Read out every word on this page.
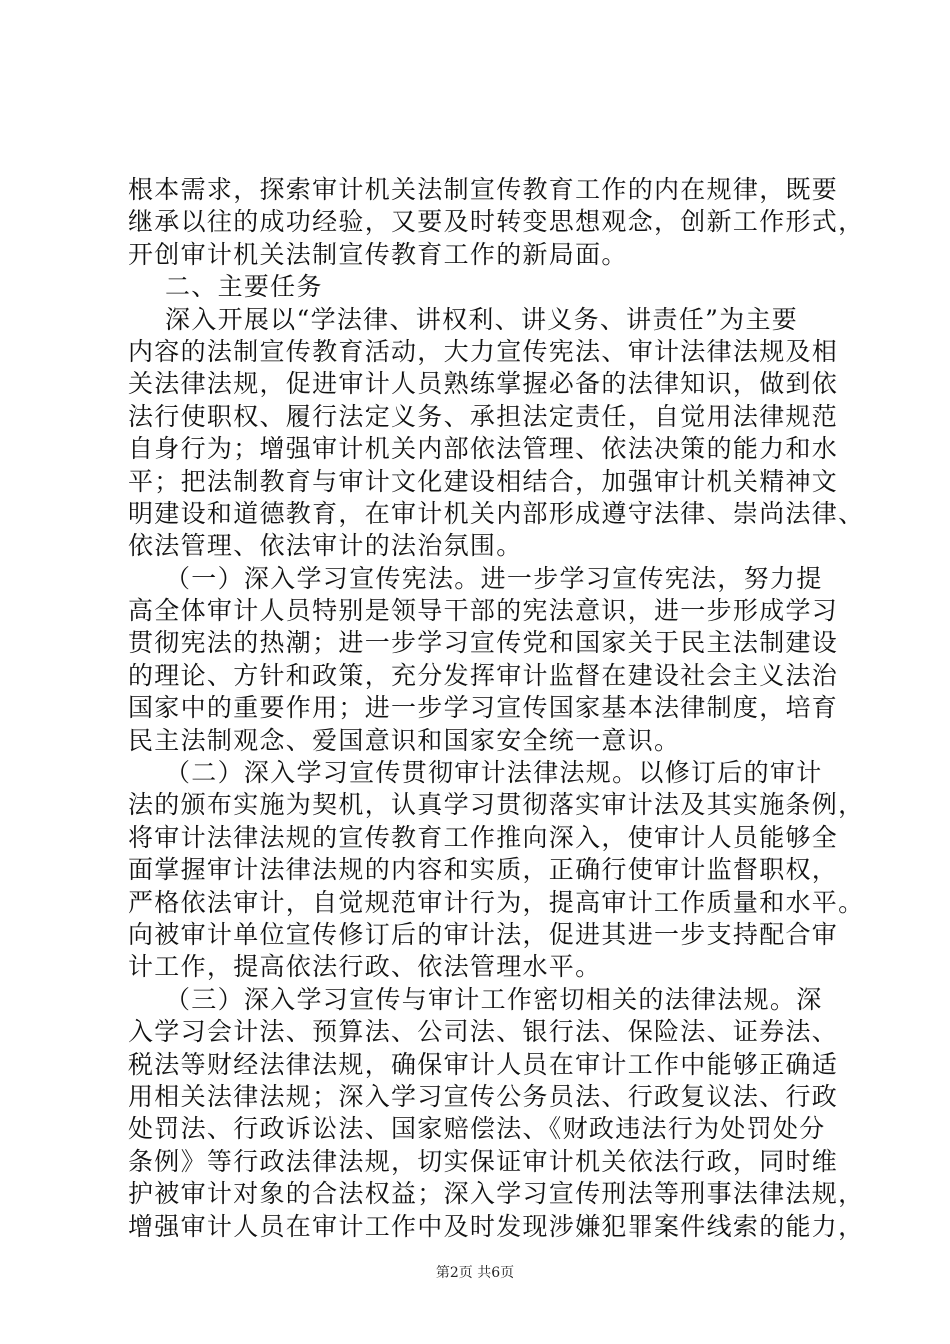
根本需求，探索审计机关法制宣传教育工作的内在规律，既要
继承以往的成功经验，又要及时转变思想观念，创新工作形式，
开创审计机关法制宣传教育工作的新局面。
二、主要任务
深入开展以“学法律、讲权利、讲义务、讲责任”为主要
内容的法制宣传教育活动，大力宣传宪法、审计法律法规及相
关法律法规，促进审计人员熟练掌握必备的法律知识，做到依
法行使职权、履行法定义务、承担法定责任，自觉用法律规范
自身行为；增强审计机关内部依法管理、依法决策的能力和水
平；把法制教育与审计文化建设相结合，加强审计机关精神文
明建设和道德教育，在审计机关内部形成遵守法律、崇尚法律、
依法管理、依法审计的法治氛围。
（一）深入学习宣传宪法。进一步学习宣传宪法，努力提
高全体审计人员特别是领导干部的宪法意识，进一步形成学习
贯彻宪法的热潮；进一步学习宣传党和国家关于民主法制建设
的理论、方针和政策，充分发挥审计监督在建设社会主义法治
国家中的重要作用；进一步学习宣传国家基本法律制度，培育
民主法制观念、爱国意识和国家安全统一意识。
（二）深入学习宣传贯彻审计法律法规。以修订后的审计
法的颁布实施为契机，认真学习贯彻落实审计法及其实施条例，
将审计法律法规的宣传教育工作推向深入，使审计人员能够全
面掌握审计法律法规的内容和实质，正确行使审计监督职权，
严格依法审计，自觉规范审计行为，提高审计工作质量和水平。
向被审计单位宣传修订后的审计法，促进其进一步支持配合审
计工作，提高依法行政、依法管理水平。
（三）深入学习宣传与审计工作密切相关的法律法规。深
入学习会计法、预算法、公司法、银行法、保险法、证券法、
税法等财经法律法规，确保审计人员在审计工作中能够正确适
用相关法律法规；深入学习宣传公务员法、行政复议法、行政
处罚法、行政诉讼法、国家赔偿法、《财政违法行为处罚处分
条例》等行政法律法规，切实保证审计机关依法行政，同时维
护被审计对象的合法权益；深入学习宣传刑法等刑事法律法规，
增强审计人员在审计工作中及时发现涉嫌犯罪案件线索的能力，
第2页 共6页
